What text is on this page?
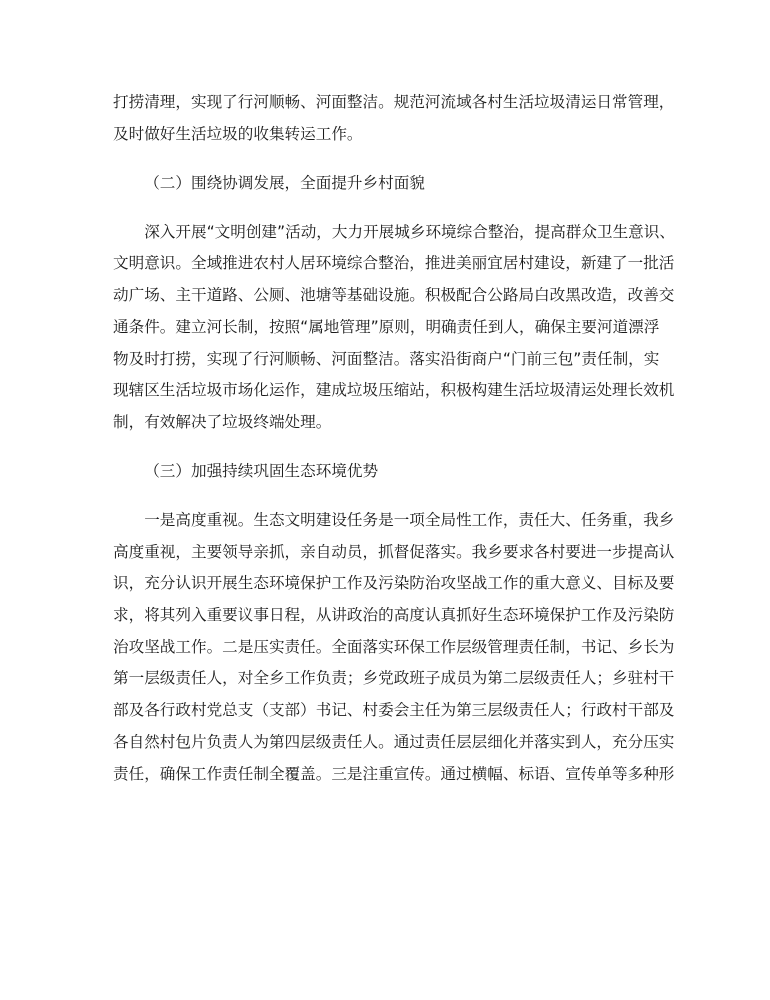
打捞清理，实现了行河顺畅、河面整洁。规范河流域各村生活垃圾清运日常管理，
及时做好生活垃圾的收集转运工作。
（二）围绕协调发展，全面提升乡村面貌
深入开展“文明创建”活动，大力开展城乡环境综合整治，提高群众卫生意识、
文明意识。全域推进农村人居环境综合整治，推进美丽宜居村建设，新建了一批活
动广场、主干道路、公厕、池塘等基础设施。积极配合公路局白改黑改造，改善交
通条件。建立河长制，按照“属地管理”原则，明确责任到人，确保主要河道漂浮
物及时打捞，实现了行河顺畅、河面整洁。落实沿街商户“门前三包”责任制，实
现辖区生活垃圾市场化运作，建成垃圾压缩站，积极构建生活垃圾清运处理长效机
制，有效解决了垃圾终端处理。
（三）加强持续巩固生态环境优势
一是高度重视。生态文明建设任务是一项全局性工作，责任大、任务重，我乡
高度重视，主要领导亲抓，亲自动员，抓督促落实。我乡要求各村要进一步提高认
识，充分认识开展生态环境保护工作及污染防治攻坚战工作的重大意义、目标及要
求，将其列入重要议事日程，从讲政治的高度认真抓好生态环境保护工作及污染防
治攻坚战工作。二是压实责任。全面落实环保工作层级管理责任制，书记、乡长为
第一层级责任人，对全乡工作负责；乡党政班子成员为第二层级责任人；乡驻村干
部及各行政村党总支（支部）书记、村委会主任为第三层级责任人；行政村干部及
各自然村包片负责人为第四层级责任人。通过责任层层细化并落实到人，充分压实
责任，确保工作责任制全覆盖。三是注重宣传。通过横幅、标语、宣传单等多种形
